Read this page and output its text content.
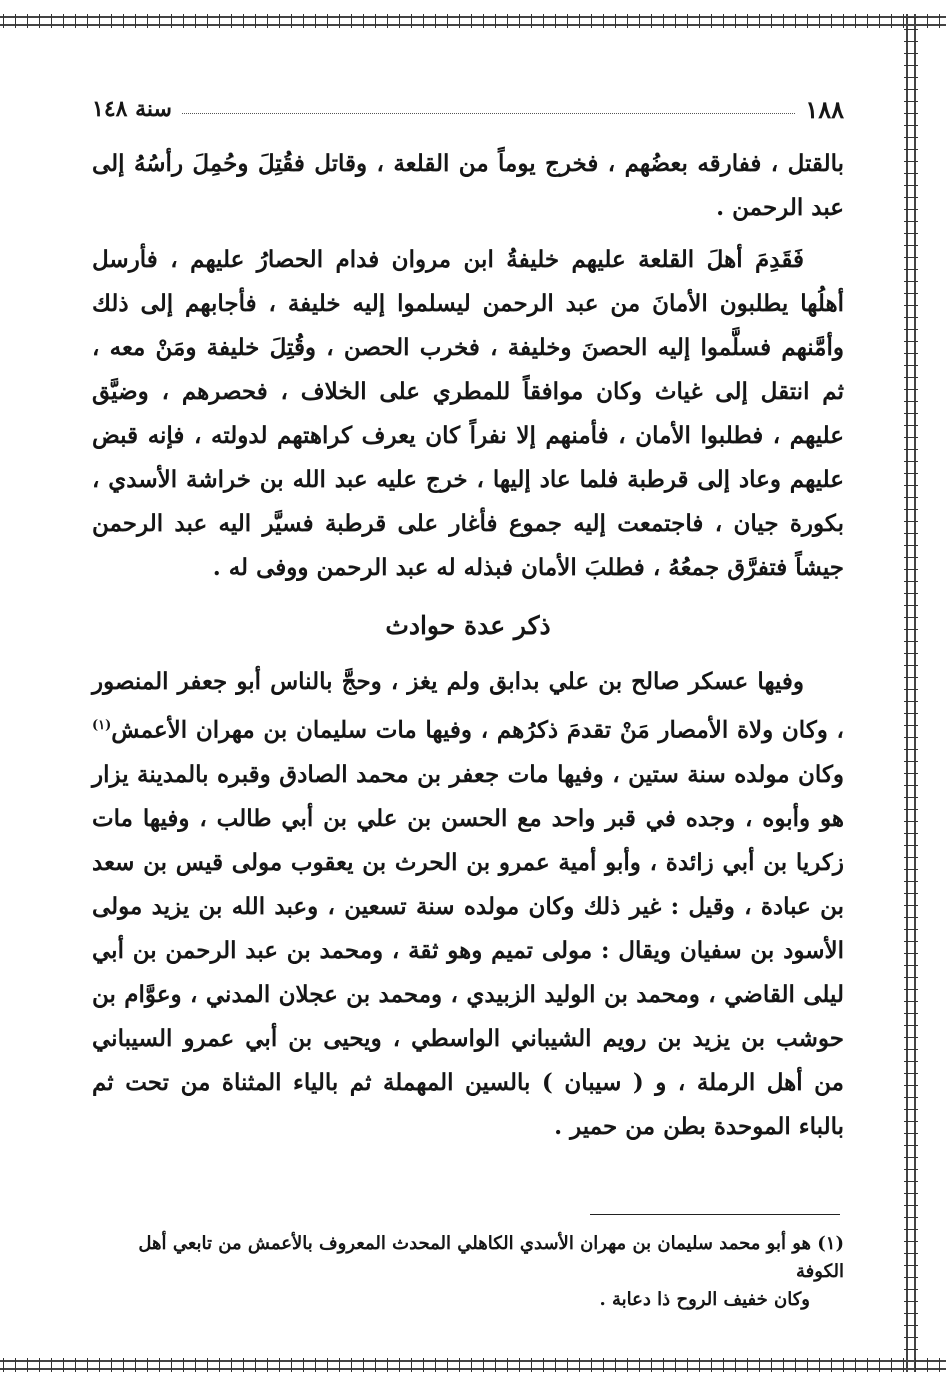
١٨٨
سنة ١٤٨

بالقتل ، ففارقه بعضُهم ، فخرج يوماً من القلعة ، وقاتل فقُتِلَ وحُمِلَ رأسُهُ إلى عبد الرحمن .

فَقَدِمَ أهلَ القلعة عليهم خليفةُ ابن مروان فدام الحصارُ عليهم ، فأرسل أهلُها يطلبون الأمانَ من عبد الرحمن ليسلموا إليه خليفة ، فأجابهم إلى ذلك وأمَّنهم فسلَّموا إليه الحصنَ وخليفة ، فخرب الحصن ، وقُتِلَ خليفة ومَنْ معه ، ثم انتقل إلى غياث وكان موافقاً للمطري على الخلاف ، فحصرهم ، وضيَّق عليهم ، فطلبوا الأمان ، فأمنهم إلا نفراً كان يعرف كراهتهم لدولته ، فإنه قبض عليهم وعاد إلى قرطبة فلما عاد إليها ، خرج عليه عبد الله بن خراشة الأسدي ، بكورة جيان ، فاجتمعت إليه جموع فأغار على قرطبة فسيَّر اليه عبد الرحمن جيشاً فتفرَّق جمعُهُ ، فطلبَ الأمان فبذله له عبد الرحمن ووفى له .

ذكر عدة حوادث

وفيها عسكر صالح بن علي بدابق ولم يغز ، وحجَّ بالناس أبو جعفر المنصور ، وكان ولاة الأمصار مَنْ تقدمَ ذكرُهم ، وفيها مات سليمان بن مهران الأعمش$^{(١)}$ وكان مولده سنة ستين ، وفيها مات جعفر بن محمد الصادق وقبره بالمدينة يزار هو وأبوه ، وجده في قبر واحد مع الحسن بن علي بن أبي طالب ، وفيها مات زكريا بن أبي زائدة ، وأبو أمية عمرو بن الحرث بن يعقوب مولى قيس بن سعد بن عبادة ، وقيل : غير ذلك وكان مولده سنة تسعين ، وعبد الله بن يزيد مولى الأسود بن سفيان ويقال : مولى تميم وهو ثقة ، ومحمد بن عبد الرحمن بن أبي ليلى القاضي ، ومحمد بن الوليد الزبيدي ، ومحمد بن عجلان المدني ، وعوَّام بن حوشب بن يزيد بن رويم الشيباني الواسطي ، ويحيى بن أبي عمرو السيباني من أهل الرملة ، و ( سيبان ) بالسين المهملة ثم بالياء المثناة من تحت ثم بالباء الموحدة بطن من حمير .

(١) هو أبو محمد سليمان بن مهران الأسدي الكاهلي المحدث المعروف بالأعمش من تابعي أهل الكوفة

وكان خفيف الروح ذا دعابة .
